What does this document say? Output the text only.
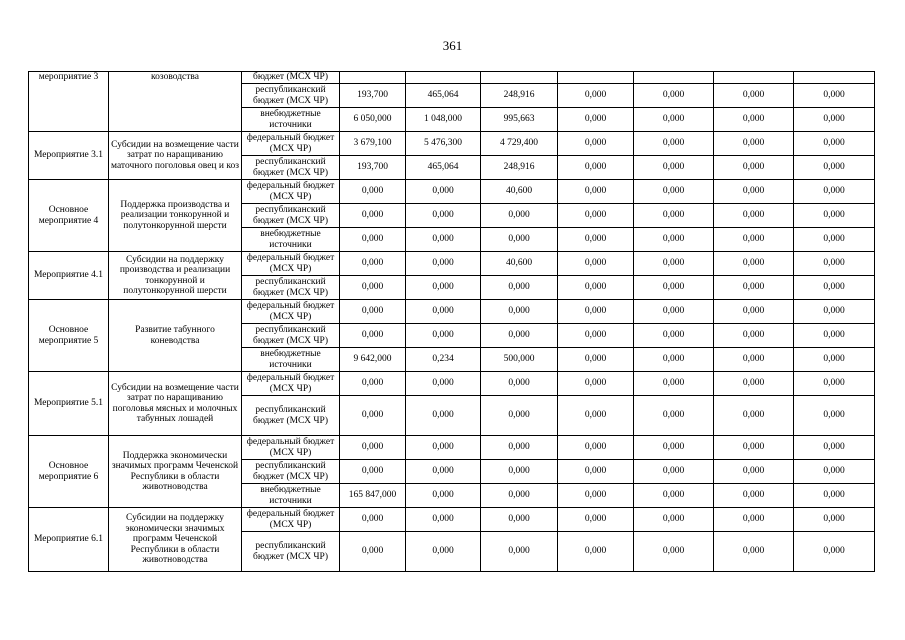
361
мероприятие 3	козоводства	бюджет (МСХ ЧР)							
		республиканский бюджет (МСХ ЧР)	193,700	465,064	248,916	0,000	0,000	0,000	0,000
		внебюджетные источники	6 050,000	1 048,000	995,663	0,000	0,000	0,000	0,000
Мероприятие 3.1	Субсидии на возмещение части затрат по наращиванию маточного поголовья овец и коз	федеральный бюджет (МСХ ЧР)	3 679,100	5 476,300	4 729,400	0,000	0,000	0,000	0,000
		республиканский бюджет (МСХ ЧР)	193,700	465,064	248,916	0,000	0,000	0,000	0,000
Основное мероприятие 4	Поддержка производства и реализации тонкорунной и полутонкорунной шерсти	федеральный бюджет (МСХ ЧР)	0,000	0,000	40,600	0,000	0,000	0,000	0,000
		республиканский бюджет (МСХ ЧР)	0,000	0,000	0,000	0,000	0,000	0,000	0,000
		внебюджетные источники	0,000	0,000	0,000	0,000	0,000	0,000	0,000
Мероприятие 4.1	Субсидии на поддержку производства и реализации тонкорунной и полутонкорунной шерсти	федеральный бюджет (МСХ ЧР)	0,000	0,000	40,600	0,000	0,000	0,000	0,000
		республиканский бюджет (МСХ ЧР)	0,000	0,000	0,000	0,000	0,000	0,000	0,000
Основное мероприятие 5	Развитие табунного коневодства	федеральный бюджет (МСХ ЧР)	0,000	0,000	0,000	0,000	0,000	0,000	0,000
		республиканский бюджет (МСХ ЧР)	0,000	0,000	0,000	0,000	0,000	0,000	0,000
		внебюджетные источники	9 642,000	0,234	500,000	0,000	0,000	0,000	0,000
Мероприятие 5.1	Субсидии на возмещение части затрат по наращиванию поголовья мясных и молочных табунных лошадей	федеральный бюджет (МСХ ЧР)	0,000	0,000	0,000	0,000	0,000	0,000	0,000
		республиканский бюджет (МСХ ЧР)	0,000	0,000	0,000	0,000	0,000	0,000	0,000
Основное мероприятие 6	Поддержка экономически значимых программ Чеченской Республики в области животноводства	федеральный бюджет (МСХ ЧР)	0,000	0,000	0,000	0,000	0,000	0,000	0,000
		республиканский бюджет (МСХ ЧР)	0,000	0,000	0,000	0,000	0,000	0,000	0,000
		внебюджетные источники	165 847,000	0,000	0,000	0,000	0,000	0,000	0,000
Мероприятие 6.1	Субсидии на поддержку экономически значимых программ Чеченской Республики в области животноводства	федеральный бюджет (МСХ ЧР)	0,000	0,000	0,000	0,000	0,000	0,000	0,000
		республиканский бюджет (МСХ ЧР)	0,000	0,000	0,000	0,000	0,000	0,000	0,000
